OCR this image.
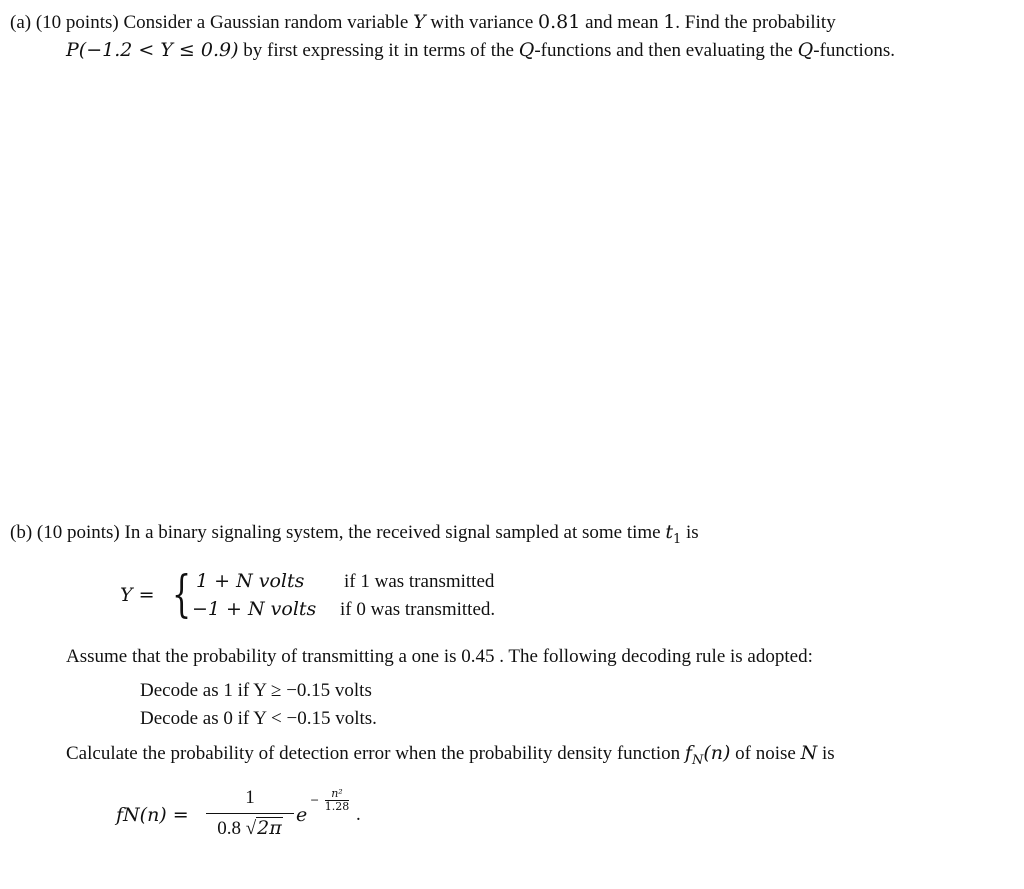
(a) (10 points) Consider a Gaussian random variable Y with variance 0.81 and mean 1. Find the probability
P(−1.2 < Y ≤ 0.9) by first expressing it in terms of the Q-functions and then evaluating the Q-functions.
(b) (10 points) In a binary signaling system, the received signal sampled at some time $t_1$ is
Y = { 1 + N volts if 1 was transmitted
−1 + N volts if 0 was transmitted.
Assume that the probability of transmitting a one is 0.45 . The following decoding rule is adopted:
Decode as 1 if Y ≥ −0.15 volts
Decode as 0 if Y < −0.15 volts.
Calculate the probability of detection error when the probability density function $f_N(n)$ of noise N is
fN(n) =
1
0.8 √2π
e
− $\frac{\text{n²}}{1.28}$
.
